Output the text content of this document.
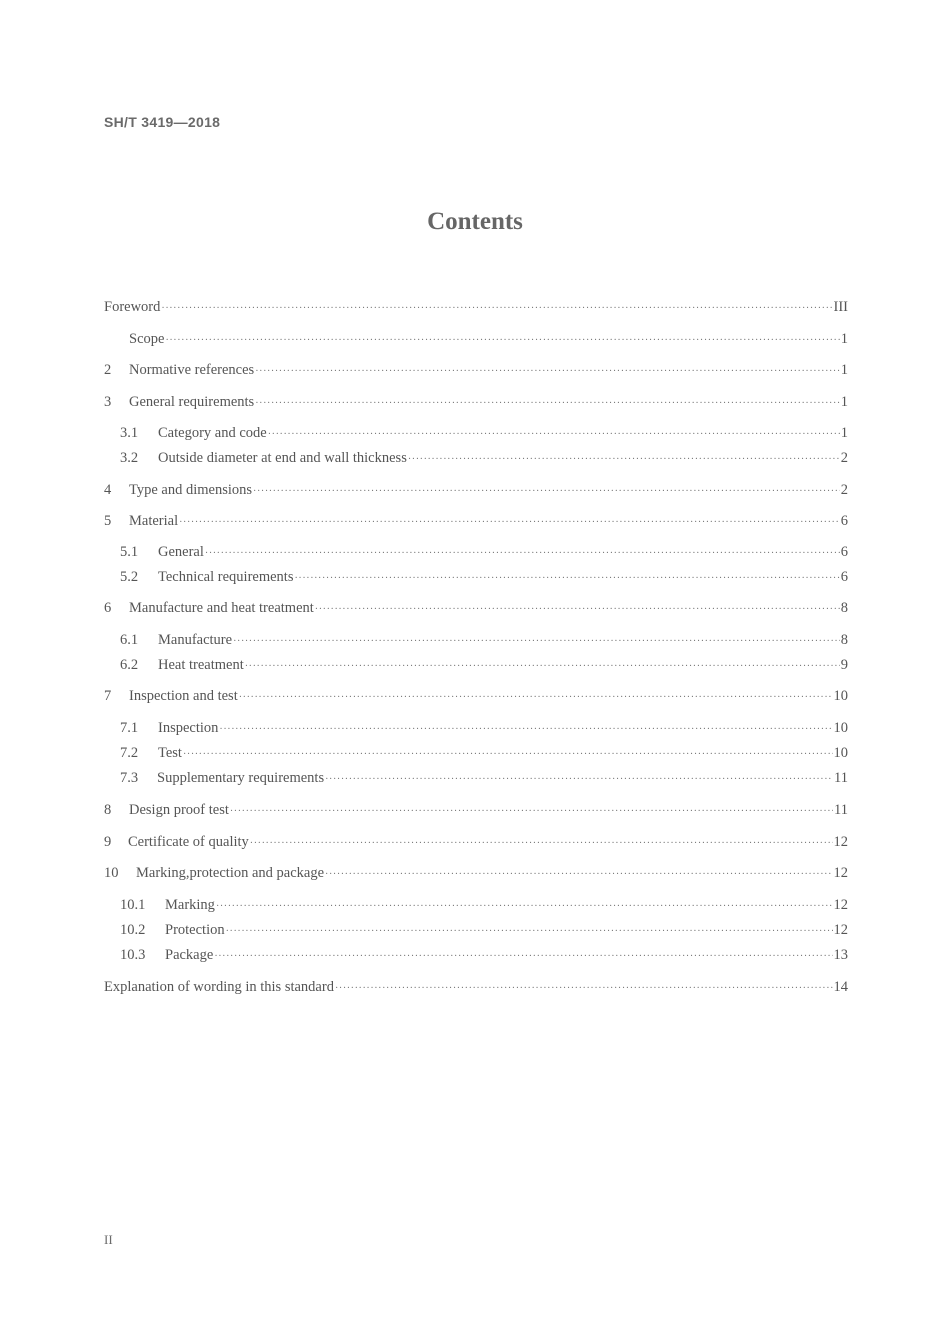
SH/T 3419—2018
Contents
Foreword ·····	III
Scope ·····	1
2	Normative references ·····	1
3	General requirements ·····	1
3.1	Category and code ·····	1
3.2	Outside diameter at end and wall thickness ·····	2
4	Type and dimensions ·····	2
5	Material ·····	6
5.1	General ·····	6
5.2	Technical requirements ·····	6
6	Manufacture and heat treatment ·····	8
6.1	Manufacture ·····	8
6.2	Heat treatment ·····	9
7	Inspection and test ·····	10
7.1	Inspection ·····	10
7.2	Test ·····	10
7.3	Supplementary requirements ·····	11
8	Design proof test ·····	11
9	Certificate of quality ·····	12
10	Marking,protection and package ·····	12
10.1	Marking ·····	12
10.2	Protection ·····	12
10.3	Package ·····	13
Explanation of wording in this standard ·····	14
II
